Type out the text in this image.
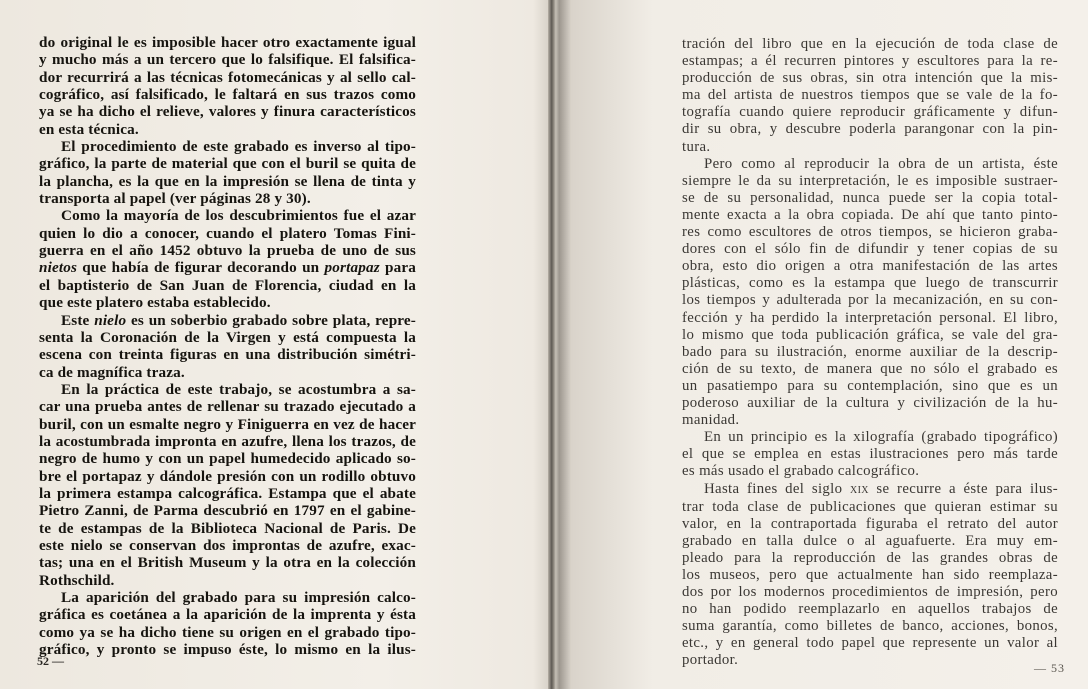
do original le es imposible hacer otro exactamente igual
y mucho más a un tercero que lo falsifique. El falsifica-
dor recurrirá a las técnicas fotomecánicas y al sello cal-
cográfico, así falsificado, le faltará en sus trazos como
ya se ha dicho el relieve, valores y finura característicos
en esta técnica.
El procedimiento de este grabado es inverso al tipo-
gráfico, la parte de material que con el buril se quita de
la plancha, es la que en la impresión se llena de tinta y
transporta al papel (ver páginas 28 y 30).
Como la mayoría de los descubrimientos fue el azar
quien lo dio a conocer, cuando el platero Tomas Fini-
guerra en el año 1452 obtuvo la prueba de uno de sus
nietos que había de figurar decorando un portapaz para
el baptisterio de San Juan de Florencia, ciudad en la
que este platero estaba establecido.
Este nielo es un soberbio grabado sobre plata, repre-
senta la Coronación de la Virgen y está compuesta la
escena con treinta figuras en una distribución simétri-
ca de magnífica traza.
En la práctica de este trabajo, se acostumbra a sa-
car una prueba antes de rellenar su trazado ejecutado a
buril, con un esmalte negro y Finiguerra en vez de hacer
la acostumbrada impronta en azufre, llena los trazos, de
negro de humo y con un papel humedecido aplicado so-
bre el portapaz y dándole presión con un rodillo obtuvo
la primera estampa calcográfica. Estampa que el abate
Pietro Zanni, de Parma descubrió en 1797 en el gabine-
te de estampas de la Biblioteca Nacional de Paris. De
este nielo se conservan dos improntas de azufre, exac-
tas; una en el British Museum y la otra en la colección
Rothschild.
La aparición del grabado para su impresión calco-
gráfica es coetánea a la aparición de la imprenta y ésta
como ya se ha dicho tiene su origen en el grabado tipo-
gráfico, y pronto se impuso éste, lo mismo en la ilus-
52 —
tración del libro que en la ejecución de toda clase de
estampas; a él recurren pintores y escultores para la re-
producción de sus obras, sin otra intención que la mis-
ma del artista de nuestros tiempos que se vale de la fo-
tografía cuando quiere reproducir gráficamente y difun-
dir su obra, y descubre poderla parangonar con la pin-
tura.
Pero como al reproducir la obra de un artista, éste
siempre le da su interpretación, le es imposible sustraer-
se de su personalidad, nunca puede ser la copia total-
mente exacta a la obra copiada. De ahí que tanto pinto-
res como escultores de otros tiempos, se hicieron graba-
dores con el sólo fin de difundir y tener copias de su
obra, esto dio origen a otra manifestación de las artes
plásticas, como es la estampa que luego de transcurrir
los tiempos y adulterada por la mecanización, en su con-
fección y ha perdido la interpretación personal. El libro,
lo mismo que toda publicación gráfica, se vale del gra-
bado para su ilustración, enorme auxiliar de la descrip-
ción de su texto, de manera que no sólo el grabado es
un pasatiempo para su contemplación, sino que es un
poderoso auxiliar de la cultura y civilización de la hu-
manidad.
En un principio es la xilografía (grabado tipográfico)
el que se emplea en estas ilustraciones pero más tarde
es más usado el grabado calcográfico.
Hasta fines del siglo xix se recurre a éste para ilus-
trar toda clase de publicaciones que quieran estimar su
valor, en la contraportada figuraba el retrato del autor
grabado en talla dulce o al aguafuerte. Era muy em-
pleado para la reproducción de las grandes obras de
los museos, pero que actualmente han sido reemplaza-
dos por los modernos procedimientos de impresión, pero
no han podido reemplazarlo en aquellos trabajos de
suma garantía, como billetes de banco, acciones, bonos,
etc., y en general todo papel que represente un valor al
portador.	— 53
